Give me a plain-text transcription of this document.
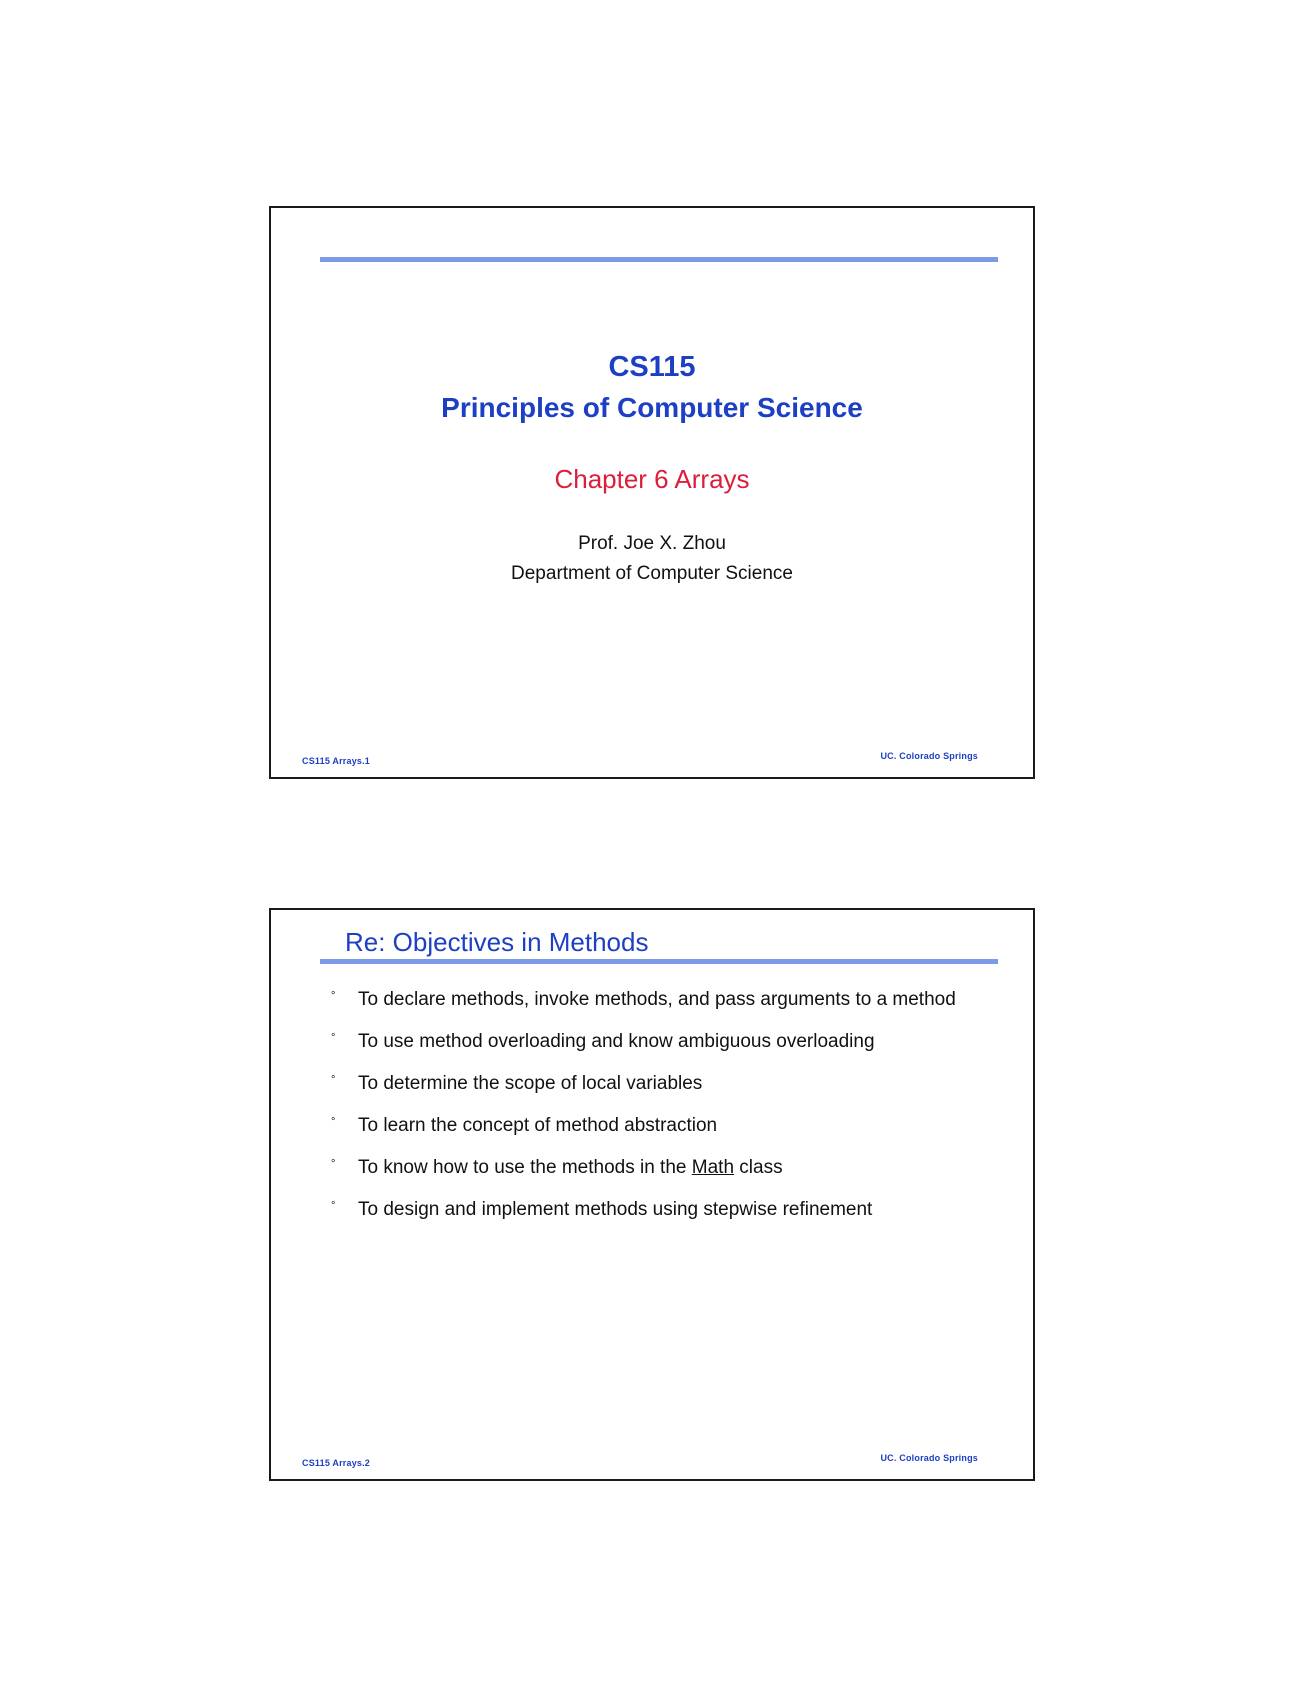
CS115
Principles of Computer Science
Chapter 6 Arrays
Prof. Joe X. Zhou
Department of Computer Science
CS115 Arrays.1	UC. Colorado Springs
Re: Objectives in Methods
° To declare methods, invoke methods, and pass arguments to a method
° To use method overloading and know ambiguous overloading
° To determine the scope of local variables
° To learn the concept of method abstraction
° To know how to use the methods in the Math class
° To design and implement methods using stepwise refinement
CS115 Arrays.2	UC. Colorado Springs
